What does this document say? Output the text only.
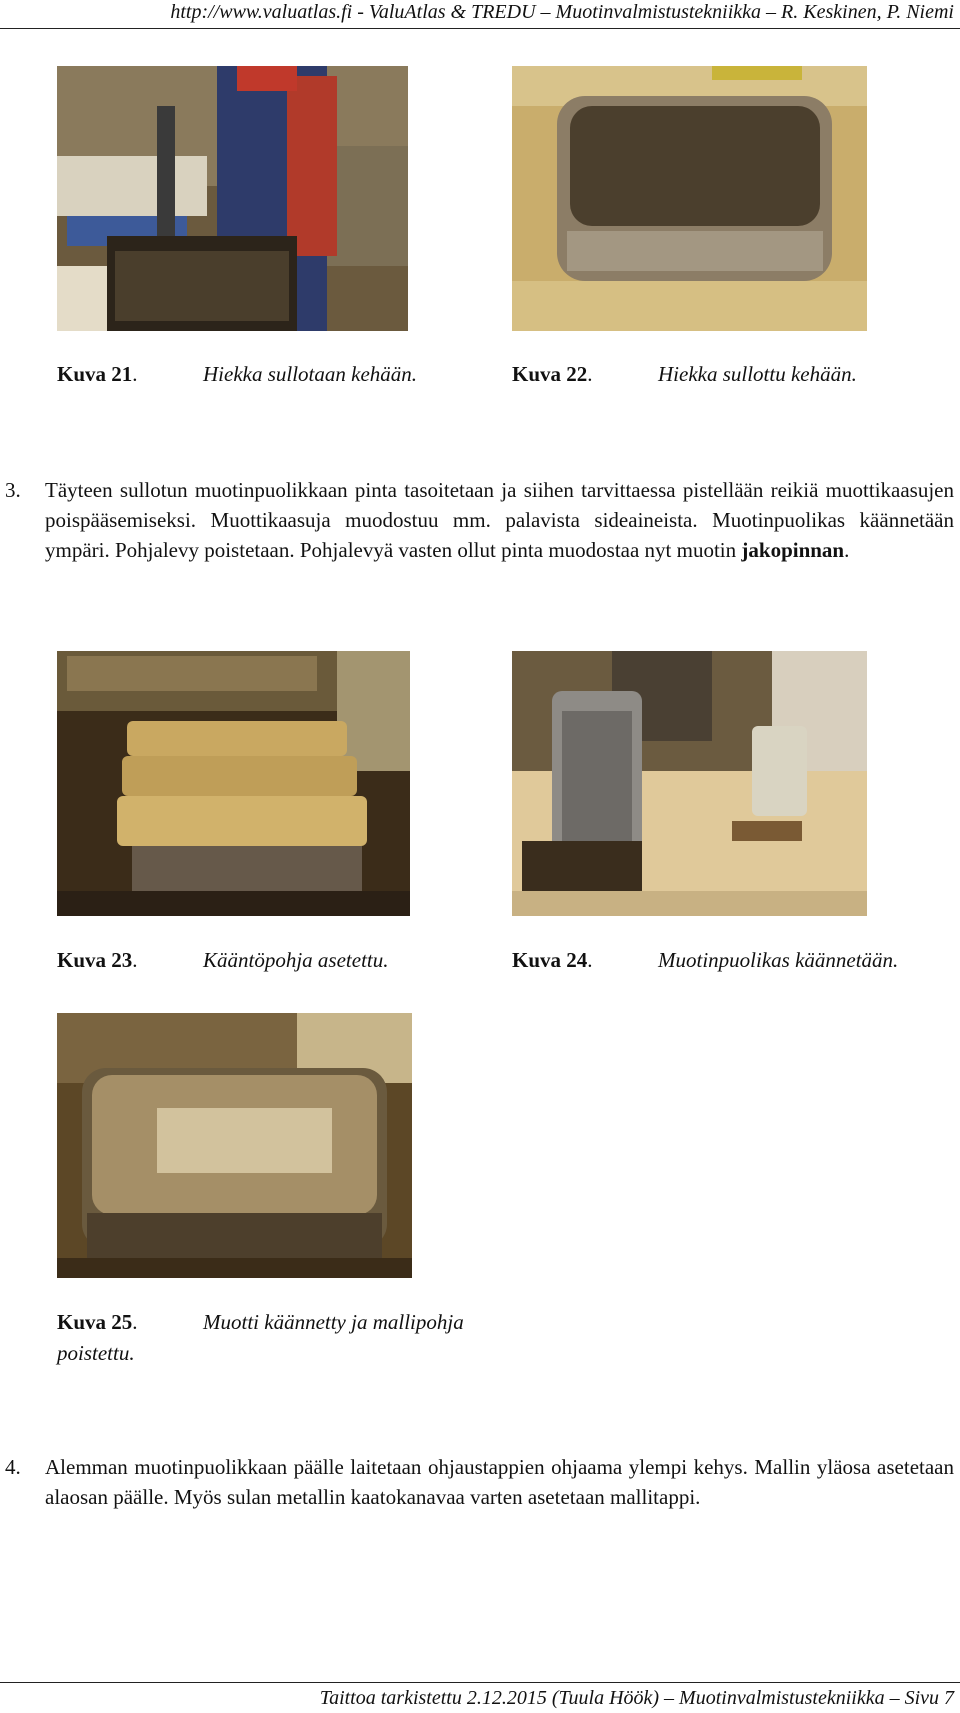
http://www.valuatlas.fi - ValuAtlas & TREDU – Muotinvalmistustekniikka – R. Keskinen, P. Niemi
Kuva 21.	Hiekka sullotaan kehään.	Kuva 22.	Hiekka sullottu kehään.
3. Täyteen sullotun muotinpuolikkaan pinta tasoitetaan ja siihen tarvittaessa pistellään reikiä muottikaasujen poispääsemiseksi. Muottikaasuja muodostuu mm. palavista sideaineista. Muotinpuolikas käännetään ympäri. Pohjalevy poistetaan. Pohjalevyä vasten ollut pinta muodostaa nyt muotin jakopinnan.
Kuva 23.	Kääntöpohja asetettu.	Kuva 24.	Muotinpuolikas käännetään.
Kuva 25.	Muotti käännetty ja mallipohja
poistettu.
4. Alemman muotinpuolikkaan päälle laitetaan ohjaustappien ohjaama ylempi kehys. Mallin yläosa asetetaan alaosan päälle. Myös sulan metallin kaatokanavaa varten asetetaan mallitappi.
Taittoa tarkistettu 2.12.2015 (Tuula Höök) – Muotinvalmistustekniikka – Sivu 7
